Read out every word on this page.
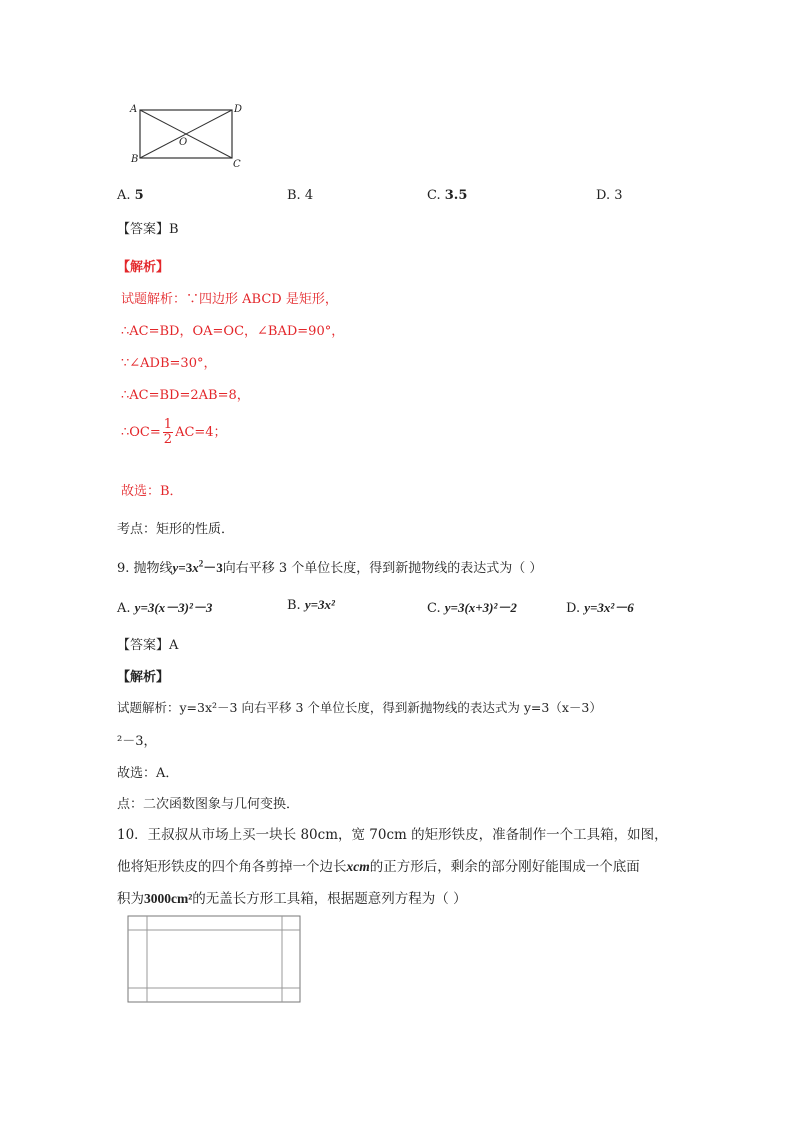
A	D
B	C
O
A. 5	B. 4	C. 3.5	D. 3
【答案】B
【解析】
试题解析：∵四边形 ABCD 是矩形，
∴AC=BD，OA=OC，∠BAD=90°，
∵∠ADB=30°，
∴AC=BD=2AB=8，
∴OC= $\frac{1}{2} AC=4$；
故选：B．
考点：矩形的性质．
9. 抛物线$y=3x^2-3$向右平移 3 个单位长度，得到新抛物线的表达式为（ ）
A. y=3(x－3)²－3	B. y=3x²	C. y=3(x+3)²－2	D. y=3x²－6
【答案】A
【解析】
试题解析：y=3x²－3 向右平移 3 个单位长度，得到新抛物线的表达式为 y=3（x－3）
²－3，
故选：A．
点：二次函数图象与几何变换．
10．王叔叔从市场上买一块长 80cm，宽 70cm 的矩形铁皮，准备制作一个工具箱，如图，
他将矩形铁皮的四个角各剪掉一个边长xcm的正方形后，剩余的部分刚好能围成一个底面
积为3000cm²的无盖长方形工具箱，根据题意列方程为（ ）
